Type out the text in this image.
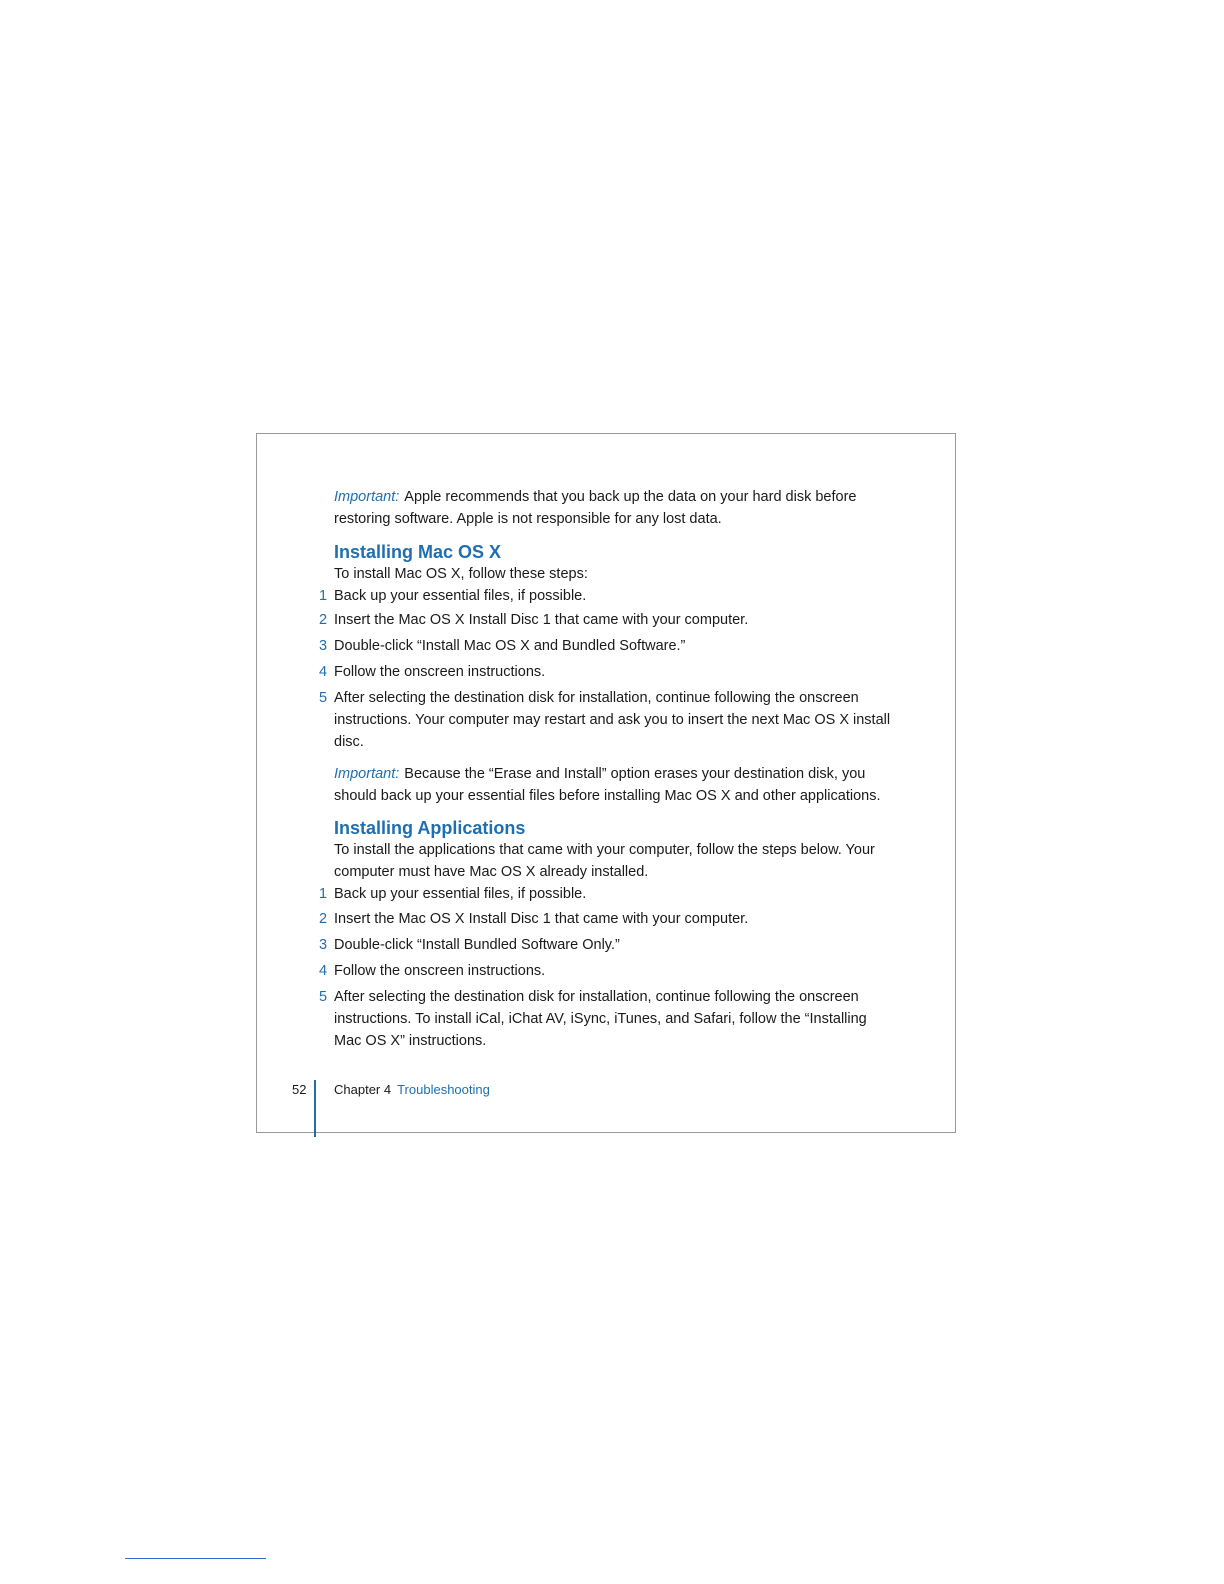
Important: Apple recommends that you back up the data on your hard disk before restoring software. Apple is not responsible for any lost data.

Installing Mac OS X

To install Mac OS X, follow these steps:

1 Back up your essential files, if possible.
2 Insert the Mac OS X Install Disc 1 that came with your computer.
3 Double-click “Install Mac OS X and Bundled Software.”
4 Follow the onscreen instructions.
5 After selecting the destination disk for installation, continue following the onscreen instructions. Your computer may restart and ask you to insert the next Mac OS X install disc.

Important: Because the “Erase and Install” option erases your destination disk, you should back up your essential files before installing Mac OS X and other applications.

Installing Applications

To install the applications that came with your computer, follow the steps below. Your computer must have Mac OS X already installed.

1 Back up your essential files, if possible.
2 Insert the Mac OS X Install Disc 1 that came with your computer.
3 Double-click “Install Bundled Software Only.”
4 Follow the onscreen instructions.
5 After selecting the destination disk for installation, continue following the onscreen instructions. To install iCal, iChat AV, iSync, iTunes, and Safari, follow the “Installing Mac OS X” instructions.
52 Chapter 4 Troubleshooting
